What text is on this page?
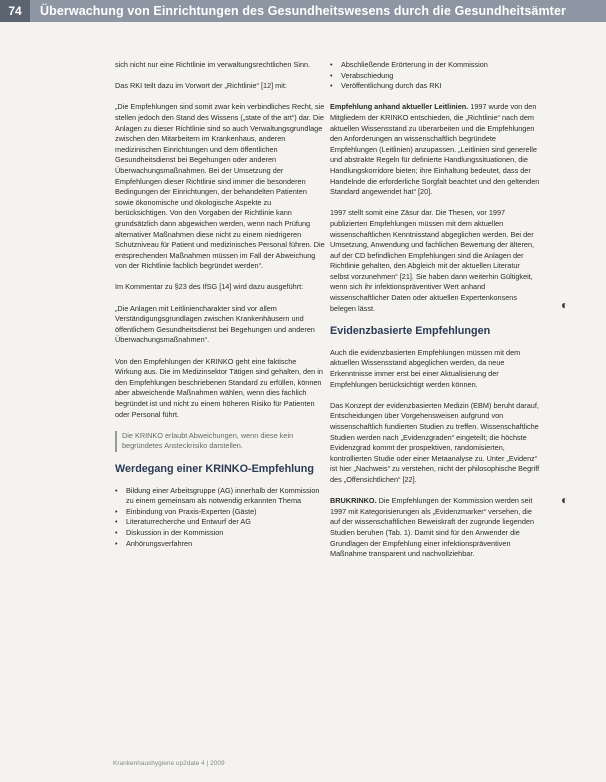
74	Überwachung von Einrichtungen des Gesundheitswesens durch die Gesundheitsämter

sich nicht nur eine Richtlinie im verwaltungsrechtlichen Sinn.

Das RKI teilt dazu im Vorwort der „Richtlinie“ [12] mit:

„Die Empfehlungen sind somit zwar kein verbindliches Recht, sie stellen jedoch den Stand des Wissens („state of the art“) dar. Die Anlagen zu dieser Richtlinie sind so auch Verwaltungsgrundlage zwischen den Mitarbeitern im Krankenhaus, anderen medizinischen Einrichtungen und dem öffentlichen Gesundheitsdienst bei Begehungen oder anderen Überwachungsmaßnahmen. Bei der Umsetzung der Empfehlungen dieser Richtlinie sind immer die besonderen Bedingungen der Einrichtungen, der behandelten Patienten sowie ökonomische und ökologische Aspekte zu berücksichtigen. Von den Vorgaben der Richtlinie kann grundsätzlich dann abgewichen werden, wenn nach Prüfung alternativer Maßnahmen diese nicht zu einem niedrigeren Schutzniveau für Patient und medizinisches Personal führen. Die entsprechenden Maßnahmen müssen im Fall der Abweichung von der Richtlinie fachlich begründet werden“.

Im Kommentar zu §23 des IfSG [14] wird dazu ausgeführt:

„Die Anlagen mit Leitliniencharakter sind vor allem Verständigungsgrundlagen zwischen Krankenhäusern und öffentlichem Gesundheitsdienst bei Begehungen und anderen Überwachungsmaßnahmen“.

Von den Empfehlungen der KRINKO geht eine faktische Wirkung aus. Die im Medizinsektor Tätigen sind gehalten, den in den Empfehlungen beschriebenen Standard zu erfüllen, können aber abweichende Maßnahmen wählen, wenn dies fachlich begründet ist und nicht zu einem höheren Risiko für Patienten oder Personal führt.

Die KRINKO erlaubt Abweichungen, wenn diese kein begründetes Ansteckrisiko darstellen.

Werdegang einer KRINKO-Empfehlung
• Bildung einer Arbeitsgruppe (AG) innerhalb der Kommission zu einem gemeinsam als notwendig erkannten Thema
• Einbindung von Praxis-Experten (Gäste)
• Literaturrecherche und Entwurf der AG
• Diskussion in der Kommission
• Anhörungsverfahren
• Abschließende Erörterung in der Kommission
• Verabschiedung
• Veröffentlichung durch das RKI

Empfehlung anhand aktueller Leitlinien. 1997 wurde von den Mitgliedern der KRINKO entschieden, die „Richtlinie“ nach dem aktuellen Wissensstand zu überarbeiten und die Empfehlungen den Anforderungen an wissenschaftlich begründete Empfehlungen (Leitlinien) anzupassen. „Leitlinien sind generelle und abstrakte Regeln für definierte Handlungssituationen, die Handlungskorridore bieten; ihre Einhaltung bedeutet, dass der Handelnde die erforderliche Sorgfalt beachtet und den geltenden Standard angewendet hat“ [20].

1997 stellt somit eine Zäsur dar. Die Thesen, vor 1997 publizierten Empfehlungen müssen mit dem aktuellen wissenschaftlichen Kenntnisstand abgeglichen werden. Bei der Umsetzung, Anwendung und fachlichen Bewertung der älteren, auf der CD befindlichen Empfehlungen sind die Anlagen der Richtlinie gehalten, den Abgleich mit der aktuellen Literatur selbst vorzunehmen“ [21]. Sie haben dann weiterhin Gültigkeit, wenn sich ihr infektionspräventiver Wert anhand wissenschaftlicher Daten oder aktuellen Expertenkonsens belegen lässt.

Evidenzbasierte Empfehlungen

Auch die evidenzbasierten Empfehlungen müssen mit dem aktuellen Wissensstand abgeglichen werden, da neue Erkenntnisse immer erst bei einer Aktualisierung der Empfehlungen berücksichtigt werden können.

Das Konzept der evidenzbasierten Medizin (EBM) beruht darauf, Entscheidungen über Vorgehensweisen aufgrund von wissenschaftlich fundierten Studien zu treffen. Wissenschaftliche Studien werden nach „Evidenzgraden“ eingeteilt; die höchste Evidenzgrad kommt der prospektiven, randomisierten, kontrollierten Studie oder einer Metaanalyse zu. Unter „Evidenz“ ist hier „Nachweis“ zu verstehen, nicht der philosophische Begriff des „Offensichtlichen“ [22].

BRUKRINKO. Die Empfehlungen der Kommission werden seit 1997 mit Kategorisierungen als „Evidenzmarker“ versehen, die auf der wissenschaftlichen Beweiskraft der zugrunde liegenden Studien beruhen (Tab. 1). Damit sind für den Anwender die Grundlagen der Empfehlung einer infektionspräventiven Maßnahme transparent und nachvollziehbar.

◐
◐
Krankenhaushygiene up2date 4 | 2009
